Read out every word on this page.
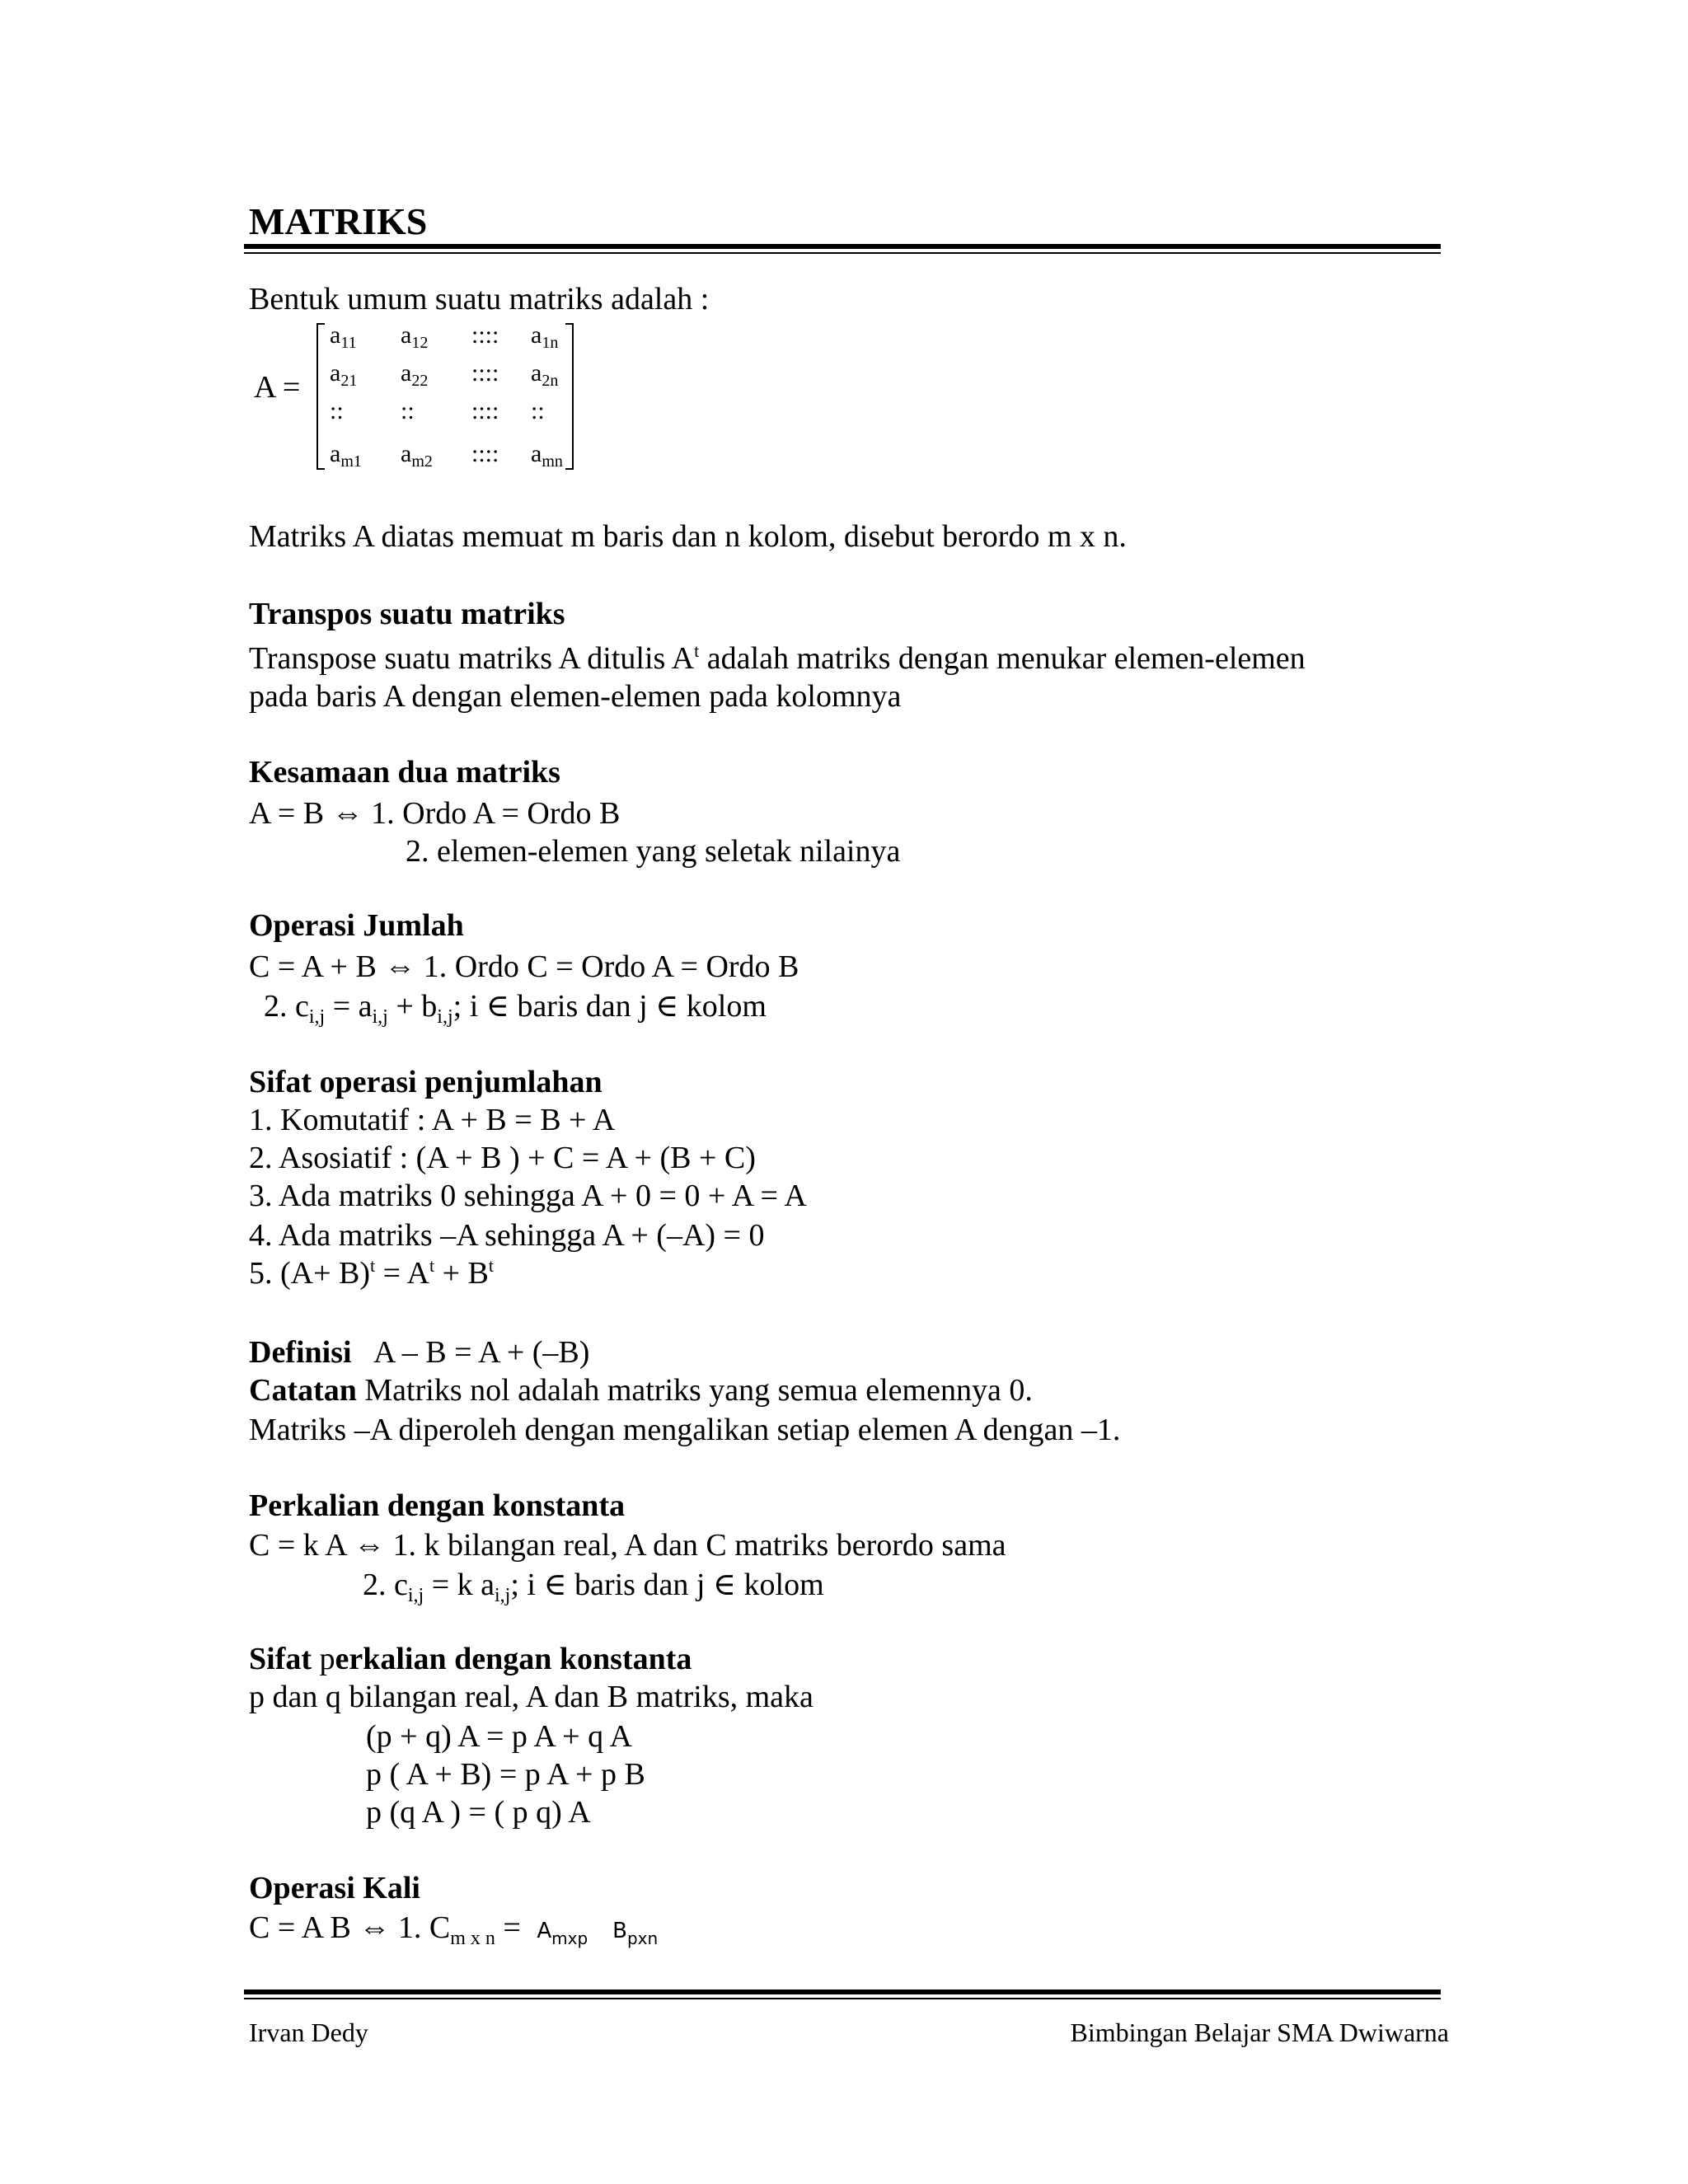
MATRIKS
Bentuk umum suatu matriks adalah :
A =
$a_{11}$ $a_{12}$ :::: $a_{1n}$
$a_{21}$ $a_{22}$ :::: $a_{2n}$
:: :: :::: ::
$a_{m1}$ $a_{m2}$ :::: $a_{mn}$
Matriks A diatas memuat m baris dan n kolom, disebut berordo m x n.
Transpos suatu matriks
Transpose suatu matriks A ditulis $A^t$ adalah matriks dengan menukar elemen-elemen
pada baris A dengan elemen-elemen pada kolomnya
Kesamaan dua matriks
A = B ⇔ 1. Ordo A = Ordo B
2. elemen-elemen yang seletak nilainya
Operasi Jumlah
C = A + B ⇔ 1. Ordo C = Ordo A = Ordo B
2. $c_{i,j} = a_{i,j} + b_{i,j}$; i ∈ baris dan j ∈ kolom
Sifat operasi penjumlahan
1. Komutatif : A + B = B + A
2. Asosiatif : (A + B ) + C = A + (B + C)
3. Ada matriks 0 sehingga A + 0 = 0 + A = A
4. Ada matriks –A sehingga A + (–A) = 0
5. $(A+ B)^t = A^t + B^t$
Definisi   A – B = A + (–B)
Catatan Matriks nol adalah matriks yang semua elemennya 0.
Matriks –A diperoleh dengan mengalikan setiap elemen A dengan –1.
Perkalian dengan konstanta
C = k A ⇔ 1. k bilangan real, A dan C matriks berordo sama
2. $c_{i,j} = k$ $a_{i,j}$; i ∈ baris dan j ∈ kolom
Sifat perkalian dengan konstanta
p dan q bilangan real, A dan B matriks, maka
(p + q) A = p A + q A
p ( A + B) = p A + p B
p (q A ) = ( p q) A
Operasi Kali
C = A B ⇔ 1. $C_{m x n} = A_{mxp}$ $B_{pxn}$
Irvan Dedy	Bimbingan Belajar SMA Dwiwarna
